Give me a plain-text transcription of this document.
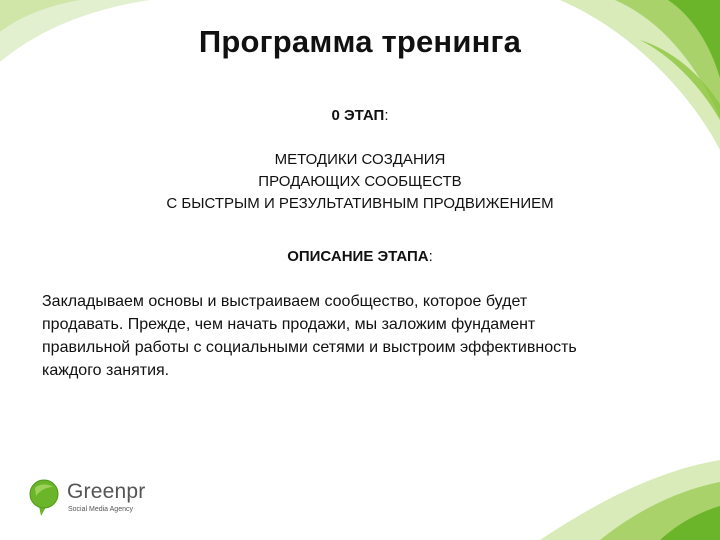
Программа тренинга
0 ЭТАП:
МЕТОДИКИ СОЗДАНИЯ
ПРОДАЮЩИХ СООБЩЕСТВ
С БЫСТРЫМ И РЕЗУЛЬТАТИВНЫМ ПРОДВИЖЕНИЕМ
ОПИСАНИЕ ЭТАПА:
Закладываем основы и выстраиваем сообщество, которое будет
продавать. Прежде, чем начать продажи, мы заложим фундамент
правильной работы с социальными сетями и выстроим эффективность
каждого занятия.
Greenpr
Social Media Agency
